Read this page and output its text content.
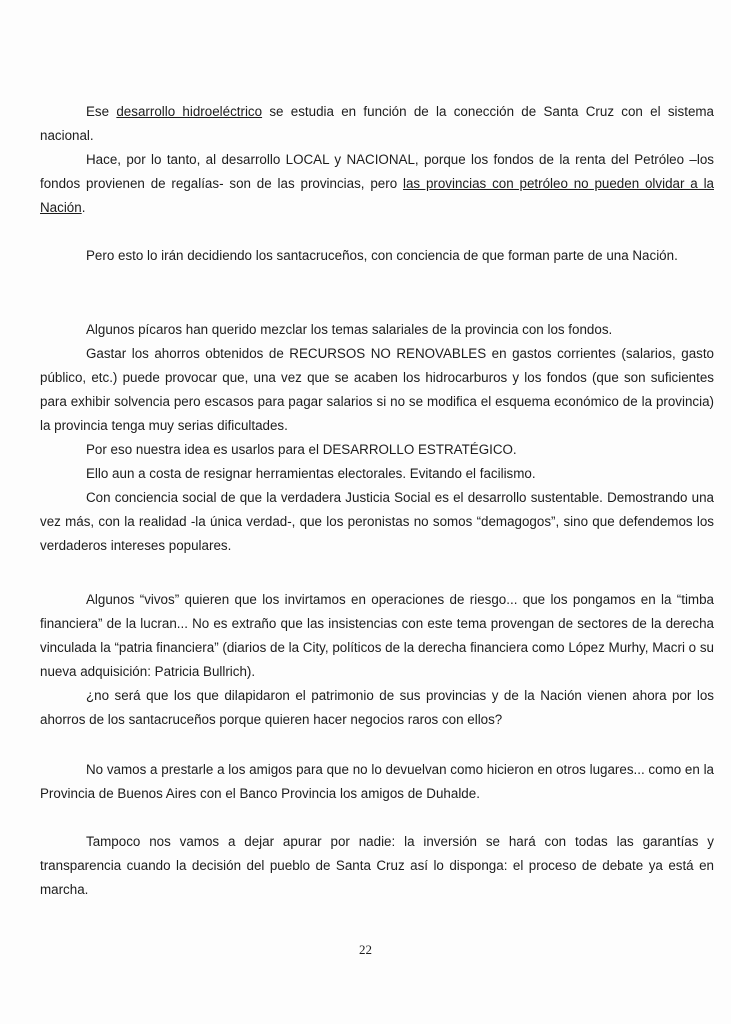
Ese desarrollo hidroeléctrico se estudia en función de la conección de Santa Cruz con el sistema nacional.

Hace, por lo tanto, al desarrollo LOCAL y NACIONAL, porque los fondos de la renta del Petróleo –los fondos provienen de regalías- son de las provincias, pero las provincias con petróleo no pueden olvidar a la Nación.

Pero esto lo irán decidiendo los santacruceños, con conciencia de que forman parte de una Nación.

Algunos pícaros han querido mezclar los temas salariales de la provincia con los fondos.

Gastar los ahorros obtenidos de RECURSOS NO RENOVABLES en gastos corrientes (salarios, gasto público, etc.) puede provocar que, una vez que se acaben los hidrocarburos y los fondos (que son suficientes para exhibir solvencia pero escasos para pagar salarios si no se modifica el esquema económico de la provincia) la provincia tenga muy serias dificultades.

Por eso nuestra idea es usarlos para el DESARROLLO ESTRATÉGICO.

Ello aun a costa de resignar herramientas electorales. Evitando el facilismo.

Con conciencia social de que la verdadera Justicia Social es el desarrollo sustentable. Demostrando una vez más, con la realidad -la única verdad-, que los peronistas no somos “demagogos”, sino que defendemos los verdaderos intereses populares.

Algunos “vivos” quieren que los invirtamos en operaciones de riesgo... que los pongamos en la “timba financiera” de la lucran... No es extraño que las insistencias con este tema provengan de sectores de la derecha vinculada la “patria financiera” (diarios de la City, políticos de la derecha financiera como López Murhy, Macri o su nueva adquisición: Patricia Bullrich).

¿no será que los que dilapidaron el patrimonio de sus provincias y de la Nación vienen ahora por los ahorros de los santacruceños porque quieren hacer negocios raros con ellos?

No vamos a prestarle a los amigos para que no lo devuelvan como hicieron en otros lugares... como en la Provincia de Buenos Aires con el Banco Provincia los amigos de Duhalde.

Tampoco nos vamos a dejar apurar por nadie: la inversión se hará con todas las garantías y transparencia cuando la decisión del pueblo de Santa Cruz así lo disponga: el proceso de debate ya está en marcha.

22
